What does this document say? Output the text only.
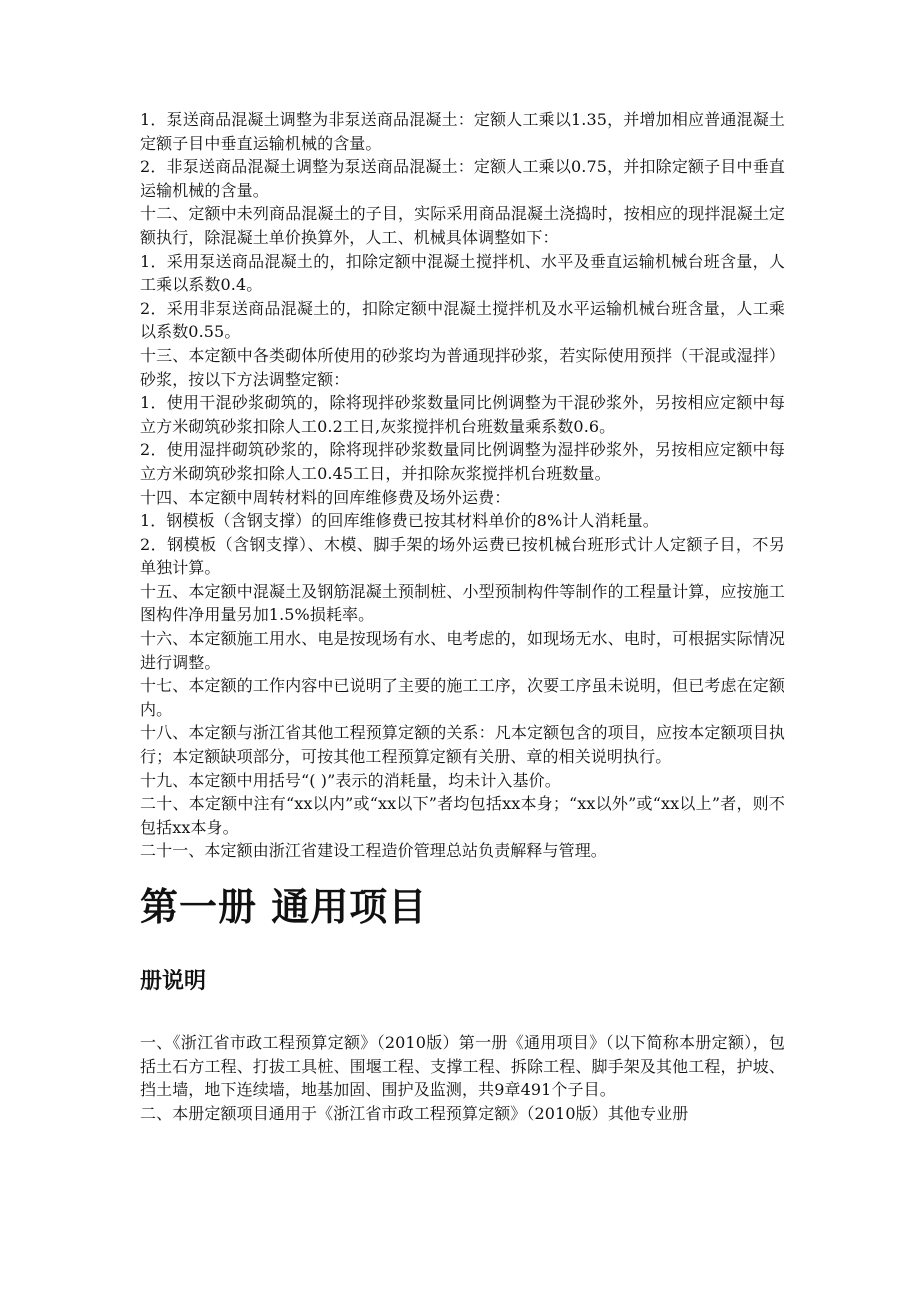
1．泵送商品混凝土调整为非泵送商品混凝土：定额人工乘以1.35，并增加相应普通混凝土定额子目中垂直运输机械的含量。

2．非泵送商品混凝土调整为泵送商品混凝土：定额人工乘以0.75，并扣除定额子目中垂直运输机械的含量。

十二、定额中未列商品混凝土的子目，实际采用商品混凝土浇捣时，按相应的现拌混凝土定额执行，除混凝土单价换算外，人工、机械具体调整如下：

1．采用泵送商品混凝土的，扣除定额中混凝土搅拌机、水平及垂直运输机械台班含量，人工乘以系数0.4。

2．采用非泵送商品混凝土的，扣除定额中混凝土搅拌机及水平运输机械台班含量，人工乘以系数0.55。

十三、本定额中各类砌体所使用的砂浆均为普通现拌砂浆，若实际使用预拌（干混或湿拌）砂浆，按以下方法调整定额：

1．使用干混砂浆砌筑的，除将现拌砂浆数量同比例调整为干混砂浆外，另按相应定额中每立方米砌筑砂浆扣除人工0.2工日,灰浆搅拌机台班数量乘系数0.6。

2．使用湿拌砌筑砂浆的，除将现拌砂浆数量同比例调整为湿拌砂浆外，另按相应定额中每立方米砌筑砂浆扣除人工0.45工日，并扣除灰浆搅拌机台班数量。

十四、本定额中周转材料的回库维修费及场外运费：

1．钢模板（含钢支撑）的回库维修费已按其材料单价的8%计人消耗量。

2．钢模板（含钢支撑）、木模、脚手架的场外运费已按机械台班形式计人定额子目，不另单独计算。

十五、本定额中混凝土及钢筋混凝土预制桩、小型预制构件等制作的工程量计算，应按施工图构件净用量另加1.5%损耗率。

十六、本定额施工用水、电是按现场有水、电考虑的，如现场无水、电时，可根据实际情况进行调整。

十七、本定额的工作内容中已说明了主要的施工工序，次要工序虽未说明，但已考虑在定额内。

十八、本定额与浙江省其他工程预算定额的关系：凡本定额包含的项目，应按本定额项目执行；本定额缺项部分，可按其他工程预算定额有关册、章的相关说明执行。

十九、本定额中用括号“( )”表示的消耗量，均未计入基价。

二十、本定额中注有“xx以内”或“xx以下”者均包括xx本身；“xx以外”或“xx以上”者，则不包括xx本身。

二十一、本定额由浙江省建设工程造价管理总站负责解释与管理。

第一册 通用项目
册说明

一、《浙江省市政工程预算定额》（2010版）第一册《通用项目》（以下简称本册定额），包括土石方工程、打拔工具桩、围堰工程、支撑工程、拆除工程、脚手架及其他工程，护坡、挡土墙，地下连续墙，地基加固、围护及监测，共9章491个子目。

二、本册定额项目通用于《浙江省市政工程预算定额》（2010版）其他专业册
